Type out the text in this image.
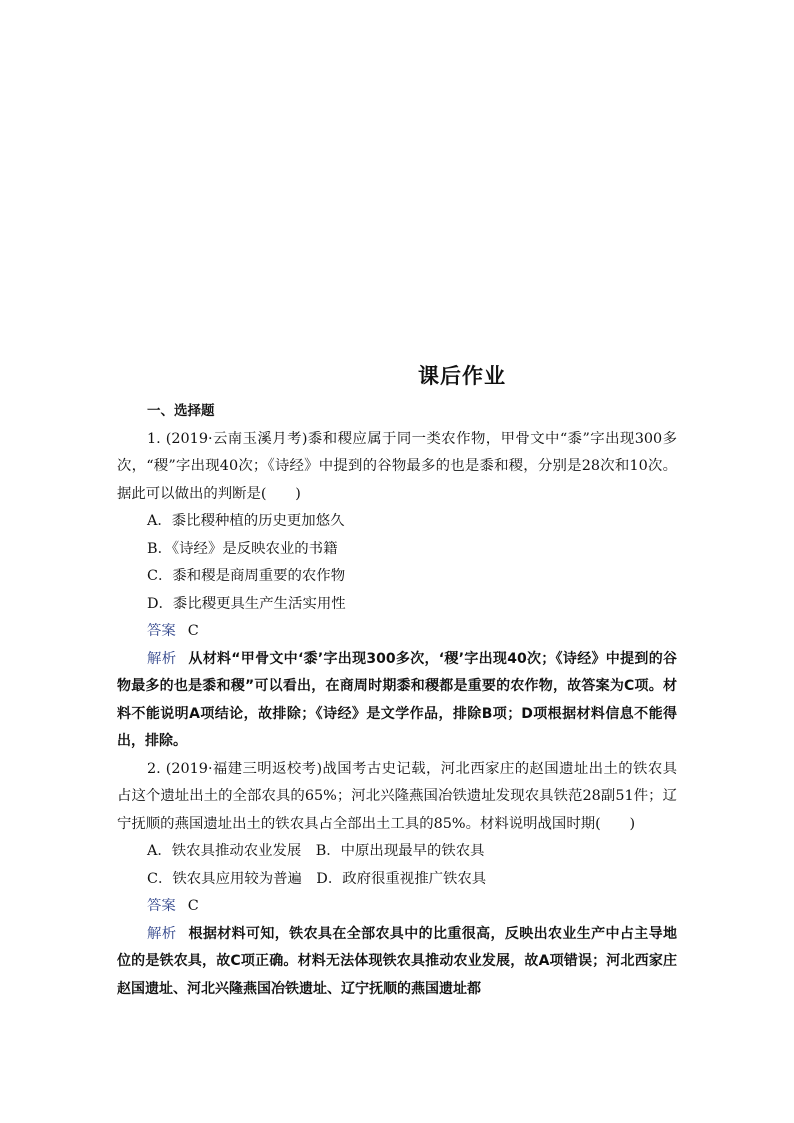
课后作业
一、选择题

1. (2019·云南玉溪月考)黍和稷应属于同一类农作物，甲骨文中“黍”字出现300多次，“稷”字出现40次；《诗经》中提到的谷物最多的也是黍和稷，分别是28次和10次。据此可以做出的判断是(　　)

A．黍比稷种植的历史更加悠久

B．《诗经》是反映农业的书籍

C．黍和稷是商周重要的农作物

D．黍比稷更具生产生活实用性

答案 C

解析 从材料“甲骨文中‘黍’字出现300多次，‘稷’字出现40次；《诗经》中提到的谷物最多的也是黍和稷”可以看出，在商周时期黍和稷都是重要的农作物，故答案为C项。材料不能说明A项结论，故排除；《诗经》是文学作品，排除B项；D项根据材料信息不能得出，排除。

2. (2019·福建三明返校考)战国考古史记载，河北西家庄的赵国遗址出土的铁农具占这个遗址出土的全部农具的65%；河北兴隆燕国冶铁遗址发现农具铁范28副51件；辽宁抚顺的燕国遗址出土的铁农具占全部出土工具的85%。材料说明战国时期(　　)

A．铁农具推动农业发展　B．中原出现最早的铁农具

C．铁农具应用较为普遍　D．政府很重视推广铁农具

答案 C

解析 根据材料可知，铁农具在全部农具中的比重很高，反映出农业生产中占主导地位的是铁农具，故C项正确。材料无法体现铁农具推动农业发展，故A项错误；河北西家庄赵国遗址、河北兴隆燕国冶铁遗址、辽宁抚顺的燕国遗址都
